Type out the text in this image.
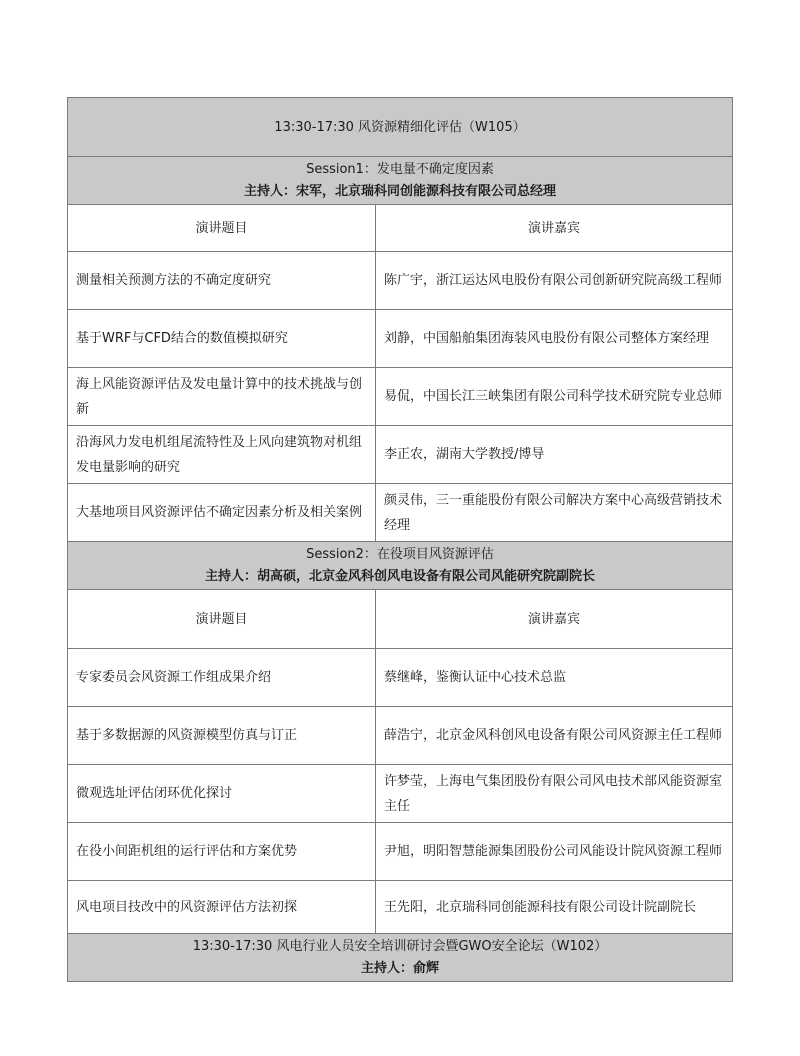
13:30-17:30 风资源精细化评估（W105）	

Session1：发电量不确定度因素
主持人：宋军，北京瑞科同创能源科技有限公司总经理	

演讲题目	演讲嘉宾
测量相关预测方法的不确定度研究	陈广宇，浙江运达风电股份有限公司创新研究院高级工程师
基于WRF与CFD结合的数值模拟研究	刘静，中国船舶集团海装风电股份有限公司整体方案经理
海上风能资源评估及发电量计算中的技术挑战与创新	易侃，中国长江三峡集团有限公司科学技术研究院专业总师
沿海风力发电机组尾流特性及上风向建筑物对机组发电量影响的研究	李正农，湖南大学教授/博导
大基地项目风资源评估不确定因素分析及相关案例	颜灵伟，三一重能股份有限公司解决方案中心高级营销技术经理

Session2：在役项目风资源评估
主持人：胡高硕，北京金风科创风电设备有限公司风能研究院副院长	

演讲题目	演讲嘉宾
专家委员会风资源工作组成果介绍	蔡继峰，鉴衡认证中心技术总监
基于多数据源的风资源模型仿真与订正	薛浩宁，北京金风科创风电设备有限公司风资源主任工程师
微观选址评估闭环优化探讨	许梦莹，上海电气集团股份有限公司风电技术部风能资源室主任
在役小间距机组的运行评估和方案优势	尹旭，明阳智慧能源集团股份公司风能设计院风资源工程师
风电项目技改中的风资源评估方法初探	王先阳，北京瑞科同创能源科技有限公司设计院副院长

13:30-17:30 风电行业人员安全培训研讨会暨GWO安全论坛（W102）
主持人：俞辉	
